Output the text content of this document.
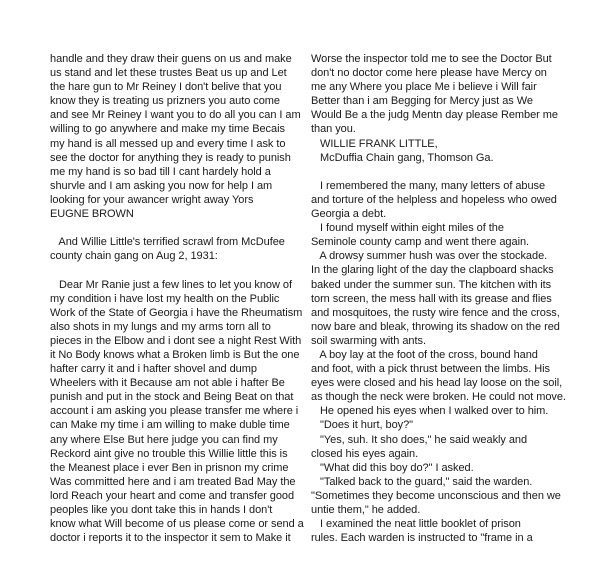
handle and they draw their guens on us and make
us stand and let these trustes Beat us up and Let
the hare gun to Mr Reiney I don't belive that you
know they is treating us prizners you auto come
and see Mr Reiney I want you to do all you can I am
willing to go anywhere and make my time Becais
my hand is all messed up and every time I ask to
see the doctor for anything they is ready to punish
me my hand is so bad till I cant hardely hold a
shurvle and I am asking you now for help I am
looking for your awancer wright away Yors
EUGNE BROWN
And Willie Little's terrified scrawl from McDufee
county chain gang on Aug 2, 1931:
Dear Mr Ranie just a few lines to let you know of
my condition i have lost my health on the Public
Work of the State of Georgia i have the Rheumatism
also shots in my lungs and my arms torn all to
pieces in the Elbow and i dont see a night Rest With
it No Body knows what a Broken limb is But the one
hafter carry it and i hafter shovel and dump
Wheelers with it Because am not able i hafter Be
punish and put in the stock and Being Beat on that
account i am asking you please transfer me where i
can Make my time i am willing to make duble time
any where Else But here judge you can find my
Reckord aint give no trouble this Willie little this is
the Meanest place i ever Ben in prisnon my crime
Was committed here and i am treated Bad May the
lord Reach your heart and come and transfer good
peoples like you dont take this in hands I don't
know what Will become of us please come or send a
doctor i reports it to the inspector it sem to Make it
Worse the inspector told me to see the Doctor But
don't no doctor come here please have Mercy on
me any Where you place Me i believe i Will fair
Better than i am Begging for Mercy just as We
Would Be a the judg Mentn day please Rember me
than you.
WILLIE FRANK LITTLE,
McDuffia Chain gang, Thomson Ga.
I remembered the many, many letters of abuse
and torture of the helpless and hopeless who owed
Georgia a debt.
I found myself within eight miles of the
Seminole county camp and went there again.
A drowsy summer hush was over the stockade.
In the glaring light of the day the clapboard shacks
baked under the summer sun. The kitchen with its
torn screen, the mess hall with its grease and flies
and mosquitoes, the rusty wire fence and the cross,
now bare and bleak, throwing its shadow on the red
soil swarming with ants.
A boy lay at the foot of the cross, bound hand
and foot, with a pick thrust between the limbs. His
eyes were closed and his head lay loose on the soil,
as though the neck were broken. He could not move.
He opened his eyes when I walked over to him.
"Does it hurt, boy?"
"Yes, suh. It sho does," he said weakly and
closed his eyes again.
"What did this boy do?" I asked.
"Talked back to the guard," said the warden.
"Sometimes they become unconscious and then we
untie them," he added.
I examined the neat little booklet of prison
rules. Each warden is instructed to "frame in a
